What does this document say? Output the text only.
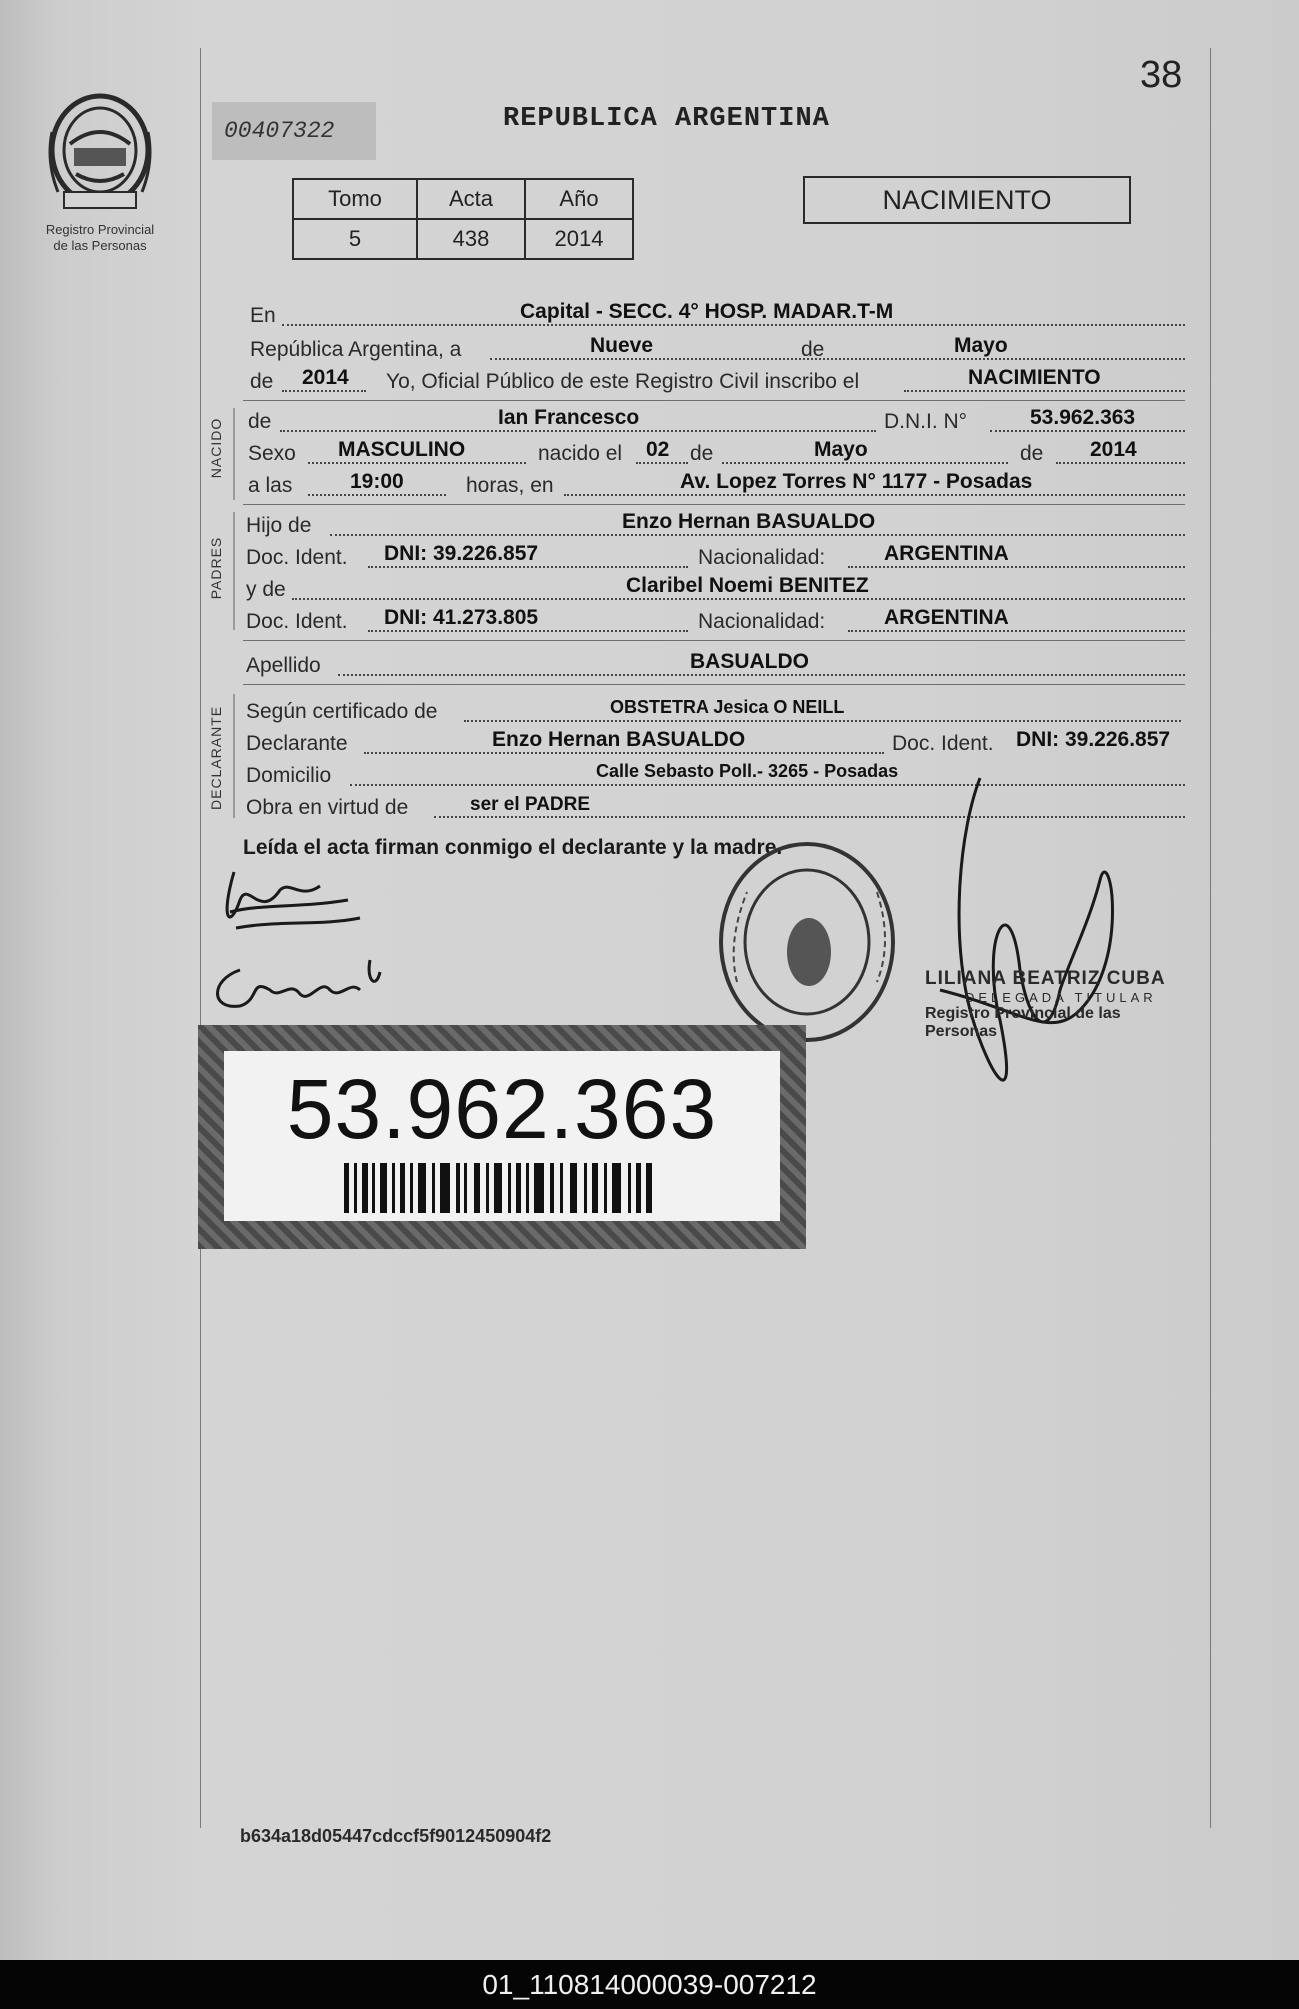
Registro Provincial
de las Personas
38
00407322	REPUBLICA ARGENTINA
Tomo	Acta	Año
5	438	2014
NACIMIENTO
En	Capital - SECC. 4° HOSP. MADAR.T-M
República Argentina, a	Nueve	de	Mayo
de 2014 Yo, Oficial Público de este Registro Civil inscribo el	NACIMIENTO
NACIDO de	Ian Francesco	D.N.I. N°	53.962.363
Sexo MASCULINO	nacido el 02 de	Mayo	de 2014
a las	19:00	horas, en	Av. Lopez Torres N° 1177 - Posadas
PADRES
Hijo de	Enzo Hernan BASUALDO
Doc. Ident. DNI: 39.226.857	Nacionalidad:	ARGENTINA
y de	Claribel Noemi BENITEZ
Doc. Ident. DNI: 41.273.805	Nacionalidad:	ARGENTINA
Apellido	BASUALDO
DECLARANTE Según certificado de	OBSTETRA Jesica O NEILL
Declarante	Enzo Hernan BASUALDO	Doc. Ident. DNI: 39.226.857
Domicilio	Calle Sebasto Poll.- 3265 - Posadas
Obra en virtud de	ser el PADRE
Leída el acta firman conmigo el declarante y la madre.
LILIANA BEATRIZ CUBA
DELEGADA TITULAR
Registro Provincial de las Personas
53.962.363
b634a18d05447cdccf5f9012450904f2
01_110814000039-007212
